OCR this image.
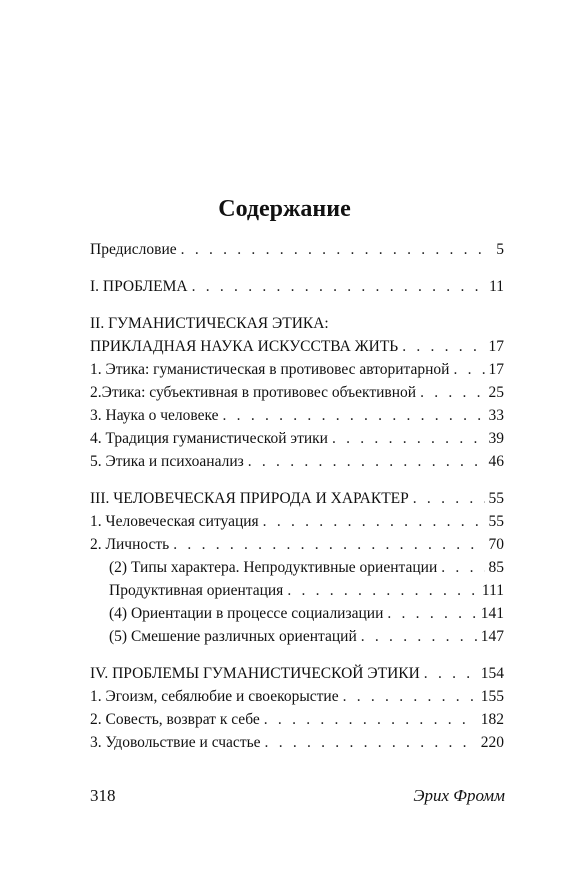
Содержание
Предисловие . . .	5
I. ПРОБЛЕМА . . .	11
II. ГУМАНИСТИЧЕСКАЯ ЭТИКА:
ПРИКЛАДНАЯ НАУКА ИСКУССТВА ЖИТЬ . . .	17
1. Этика: гуманистическая в противовес авторитарной . . .	17
2.Этика: субъективная в противовес объективной . . .	25
3. Наука о человеке . . .	33
4. Традиция гуманистической этики . . .	39
5. Этика и психоанализ . . .	46
III. ЧЕЛОВЕЧЕСКАЯ ПРИРОДА И ХАРАКТЕР . . .	55
1. Человеческая ситуация . . .	55
2. Личность . . .	70
(2) Типы характера. Непродуктивные ориентации . . .	85
Продуктивная ориентация . . .	111
(4) Ориентации в процессе социализации . . .	141
(5) Смешение различных ориентаций . . .	147
IV. ПРОБЛЕМЫ ГУМАНИСТИЧЕСКОЙ ЭТИКИ . . .	154
1. Эгоизм, себялюбие и своекорыстие . . .	155
2. Совесть, возврат к себе . . .	182
3. Удовольствие и счастье . . .	220
318	Эрих Фромм
